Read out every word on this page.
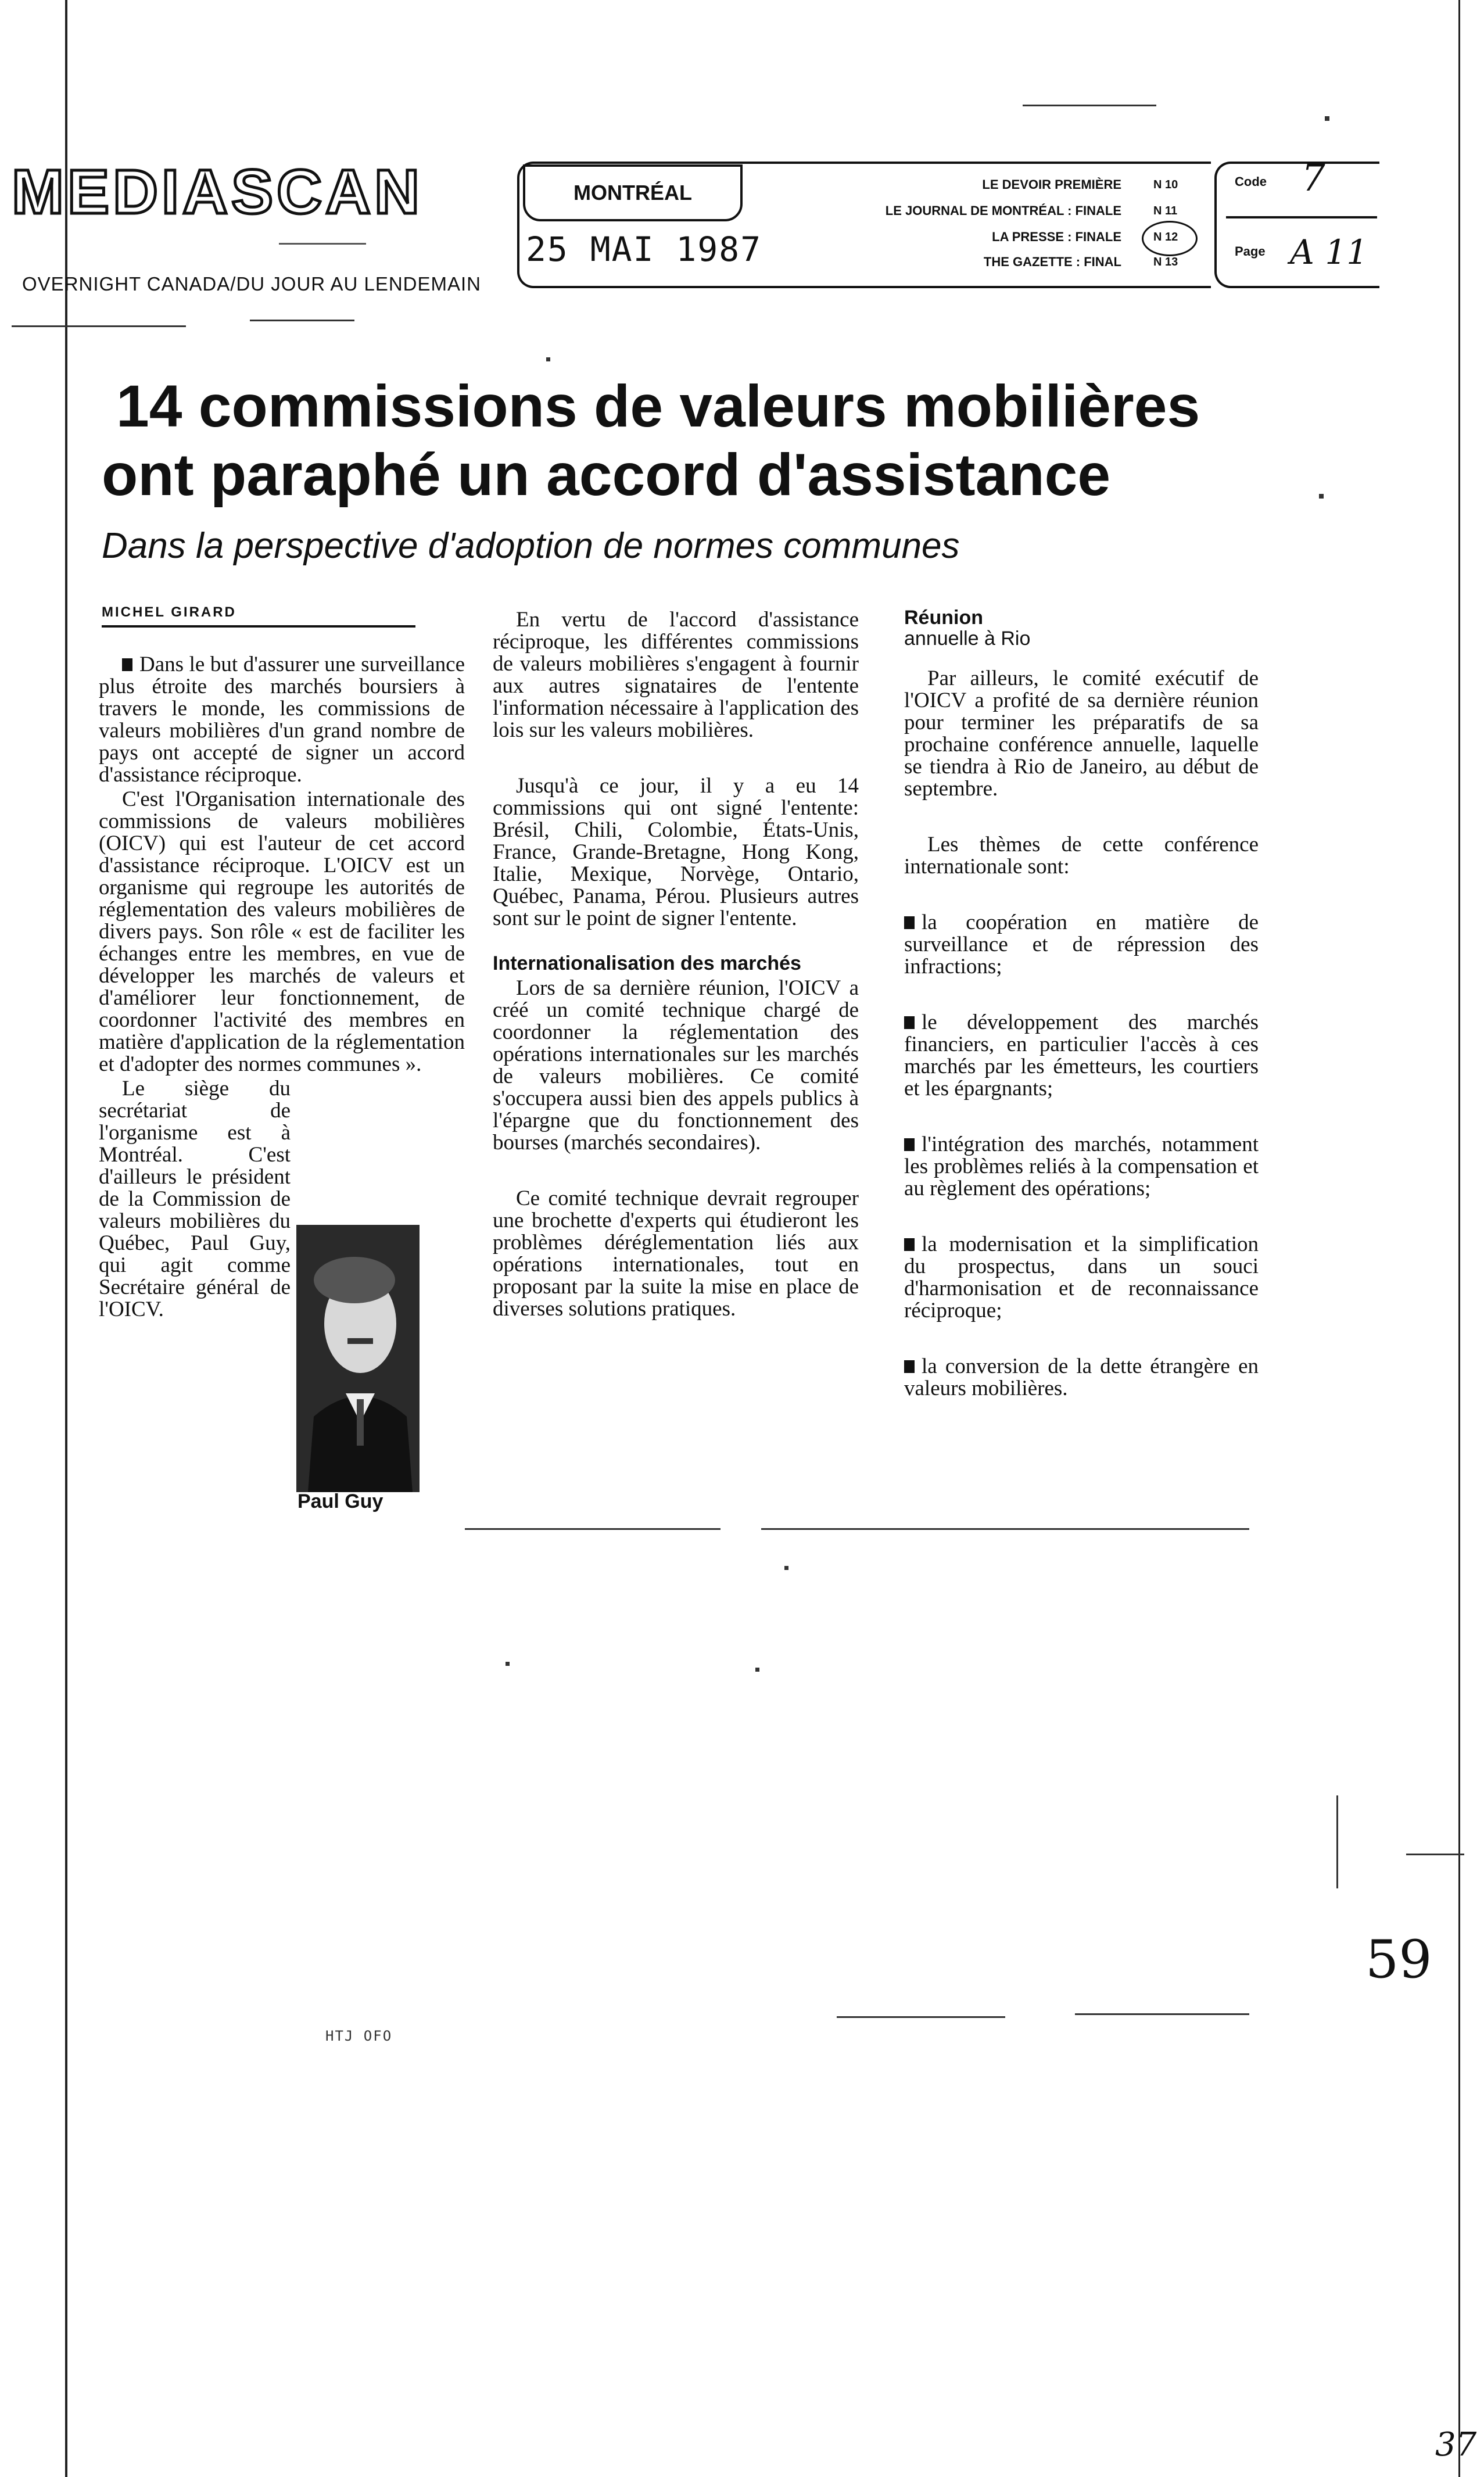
MEDIASCAN
OVERNIGHT CANADA/DU JOUR AU LENDEMAIN
MONTRÉAL
25 MAI 1987
LE DEVOIR PREMIÈRE	N 10
LE JOURNAL DE MONTRÉAL : FINALE	N 11
LA PRESSE : FINALE	N 12
THE GAZETTE : FINAL	N 13
Code 7
Page A 11
14 commissions de valeurs mobilières
ont paraphé un accord d'assistance
Dans la perspective d'adoption de normes communes
MICHEL GIRARD

Dans le but d'assurer une surveillance plus étroite des marchés boursiers à travers le monde, les commissions de valeurs mobilières d'un grand nombre de pays ont accepté de signer un accord d'assistance réciproque.

C'est l'Organisation internationale des commissions de valeurs mobilières (OICV) qui est l'auteur de cet accord d'assistance réciproque. L'OICV est un organisme qui regroupe les autorités de réglementation des valeurs mobilières de divers pays. Son rôle « est de faciliter les échanges entre les membres, en vue de développer les marchés de valeurs et d'améliorer leur fonctionnement, de coordonner l'activité des membres en matière d'application de la réglementation et d'adopter des normes communes ».

Le siège du secrétariat de l'organisme est à Montréal. C'est d'ailleurs le président de la Commission de valeurs mobilières du Québec, Paul Guy, qui agit comme Secrétaire général de l'OICV.

Paul Guy

En vertu de l'accord d'assistance réciproque, les différentes commissions de valeurs mobilières s'engagent à fournir aux autres signataires de l'entente l'information nécessaire à l'application des lois sur les valeurs mobilières.

Jusqu'à ce jour, il y a eu 14 commissions qui ont signé l'entente: Brésil, Chili, Colombie, États-Unis, France, Grande-Bretagne, Hong Kong, Italie, Mexique, Norvège, Ontario, Québec, Panama, Pérou. Plusieurs autres sont sur le point de signer l'entente.

Internationalisation des marchés

Lors de sa dernière réunion, l'OICV a créé un comité technique chargé de coordonner la réglementation des opérations internationales sur les marchés de valeurs mobilières. Ce comité s'occupera aussi bien des appels publics à l'épargne que du fonctionnement des bourses (marchés secondaires).

Ce comité technique devrait regrouper une brochette d'experts qui étudieront les problèmes déréglementation liés aux opérations internationales, tout en proposant par la suite la mise en place de diverses solutions pratiques.

Réunion
annuelle à Rio

Par ailleurs, le comité exécutif de l'OICV a profité de sa dernière réunion pour terminer les préparatifs de sa prochaine conférence annuelle, laquelle se tiendra à Rio de Janeiro, au début de septembre.

Les thèmes de cette conférence internationale sont:

la coopération en matière de surveillance et de répression des infractions;

le développement des marchés financiers, en particulier l'accès à ces marchés par les émetteurs, les courtiers et les épargnants;

l'intégration des marchés, notamment les problèmes reliés à la compensation et au règlement des opérations;

la modernisation et la simplification du prospectus, dans un souci d'harmonisation et de reconnaissance réciproque;

la conversion de la dette étrangère en valeurs mobilières.

59
37
HTJ OFO
